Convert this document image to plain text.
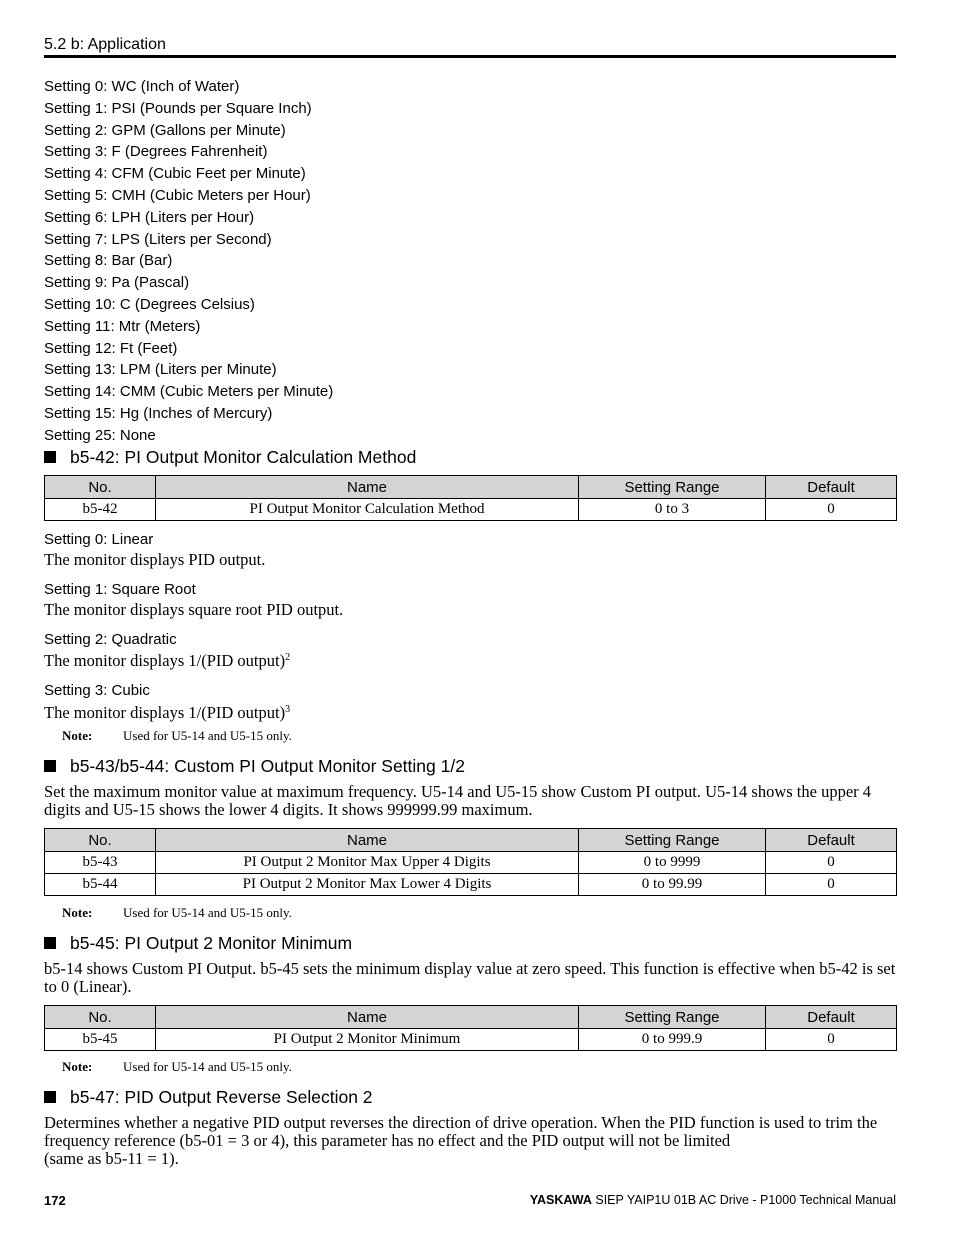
5.2 b: Application
Setting 0: WC (Inch of Water)
Setting 1: PSI (Pounds per Square Inch)
Setting 2: GPM (Gallons per Minute)
Setting 3: F (Degrees Fahrenheit)
Setting 4: CFM (Cubic Feet per Minute)
Setting 5: CMH (Cubic Meters per Hour)
Setting 6: LPH (Liters per Hour)
Setting 7: LPS (Liters per Second)
Setting 8: Bar (Bar)
Setting 9: Pa (Pascal)
Setting 10: C (Degrees Celsius)
Setting 11: Mtr (Meters)
Setting 12: Ft (Feet)
Setting 13: LPM (Liters per Minute)
Setting 14: CMM (Cubic Meters per Minute)
Setting 15: Hg (Inches of Mercury)
Setting 25: None
b5-42: PI Output Monitor Calculation Method
No.	Name	Setting Range	Default
b5-42	PI Output Monitor Calculation Method	0 to 3	0
Setting 0: Linear
The monitor displays PID output.
Setting 1: Square Root
The monitor displays square root PID output.
Setting 2: Quadratic
The monitor displays 1/(PID output)$^2$
Setting 3: Cubic
The monitor displays 1/(PID output)$^3$
Note: Used for U5-14 and U5-15 only.
b5-43/b5-44: Custom PI Output Monitor Setting 1/2
Set the maximum monitor value at maximum frequency. U5-14 and U5-15 show Custom PI output. U5-14 shows the upper 4 digits and U5-15 shows the lower 4 digits. It shows 999999.99 maximum.
No.	Name	Setting Range	Default
b5-43	PI Output 2 Monitor Max Upper 4 Digits	0 to 9999	0
b5-44	PI Output 2 Monitor Max Lower 4 Digits	0 to 99.99	0
Note: Used for U5-14 and U5-15 only.
b5-45: PI Output 2 Monitor Minimum
b5-14 shows Custom PI Output. b5-45 sets the minimum display value at zero speed. This function is effective when b5-42 is set to 0 (Linear).
No.	Name	Setting Range	Default
b5-45	PI Output 2 Monitor Minimum	0 to 999.9	0
Note: Used for U5-14 and U5-15 only.
b5-47: PID Output Reverse Selection 2
Determines whether a negative PID output reverses the direction of drive operation. When the PID function is used to trim the frequency reference (b5-01 = 3 or 4), this parameter has no effect and the PID output will not be limited
(same as b5-11 = 1).
172	YASKAWA SIEP YAIP1U 01B AC Drive - P1000 Technical Manual
